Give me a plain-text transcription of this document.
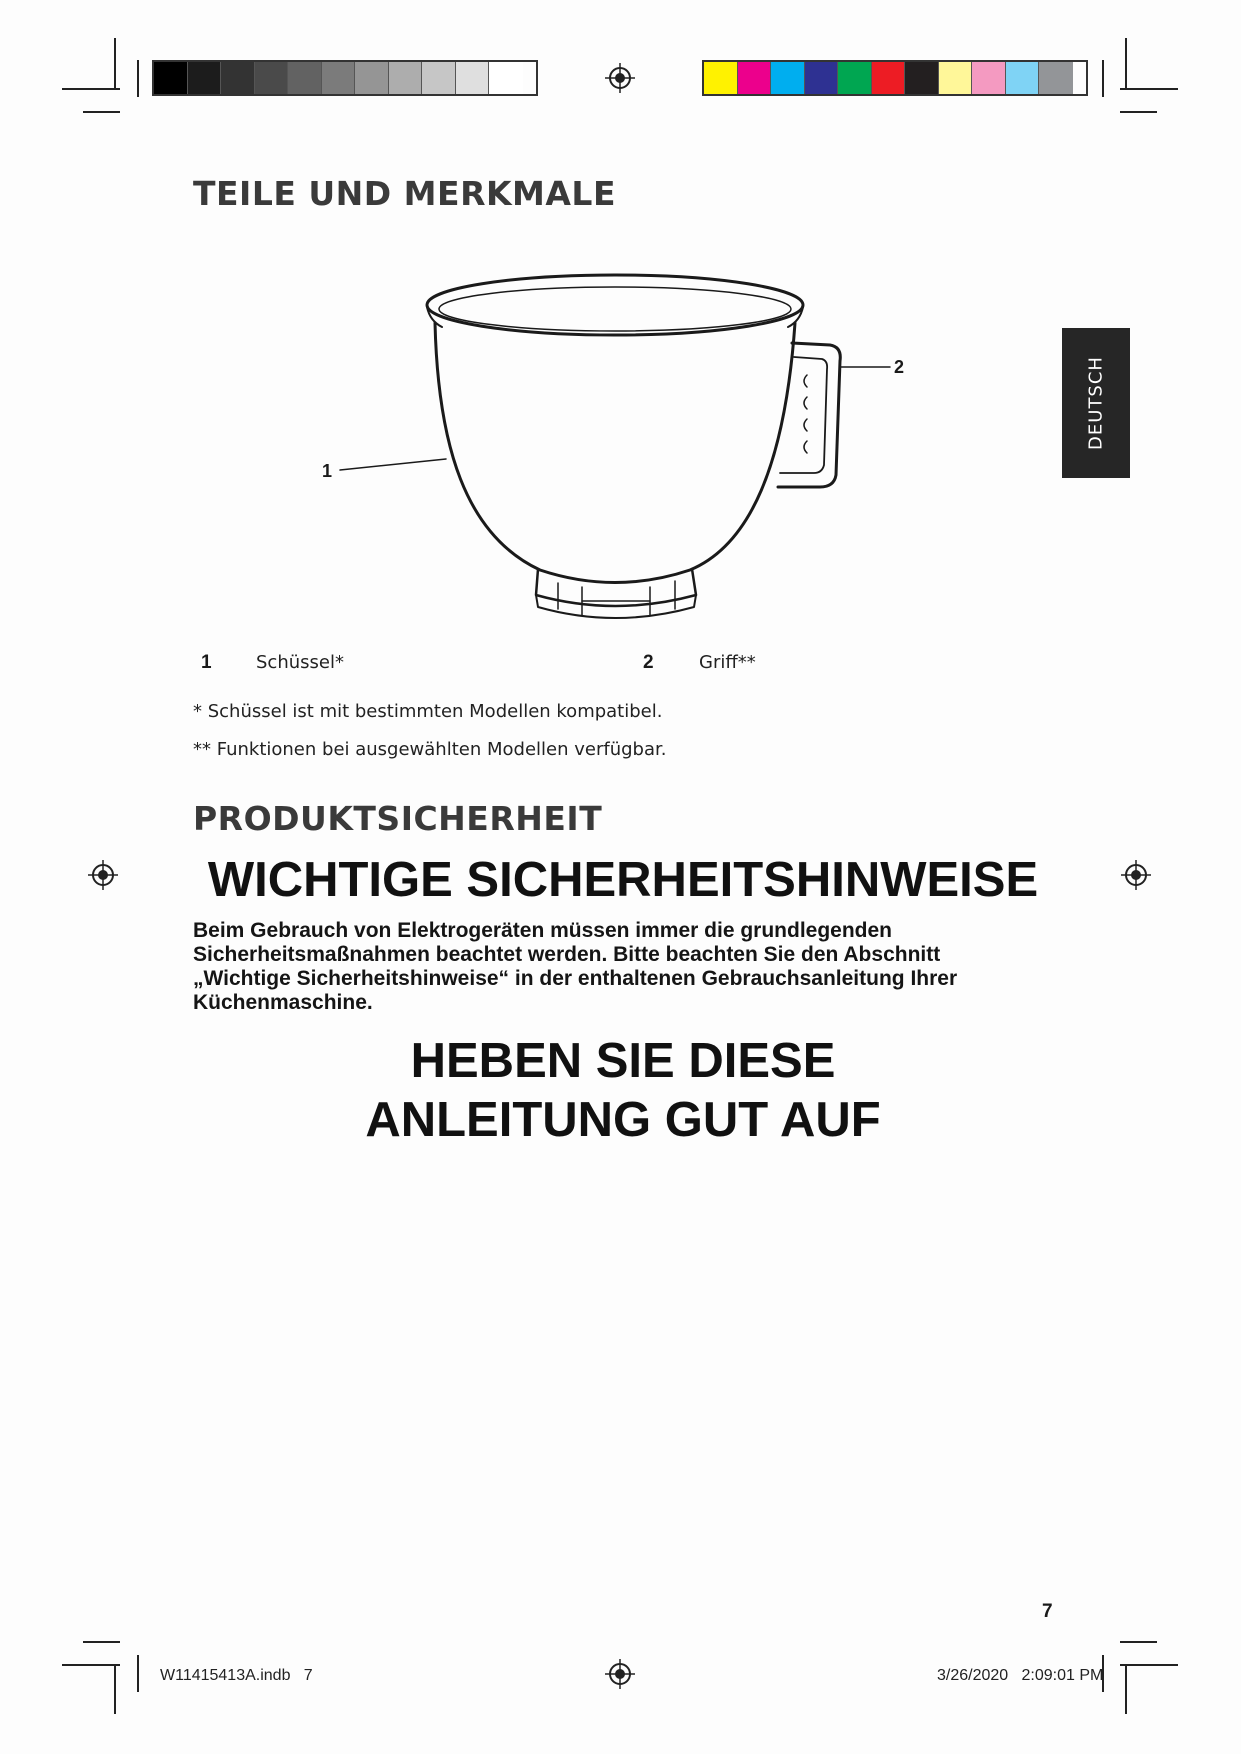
TEILE UND MERKMALE
1
2
1 Schüssel*	2	Griff**

* Schüssel ist mit bestimmten Modellen kompatibel.

** Funktionen bei ausgewählten Modellen verfügbar.

DEUTSCH
PRODUKTSICHERHEIT
WICHTIGE SICHERHEITSHINWEISE

Beim Gebrauch von Elektrogeräten müssen immer die grundlegenden Sicherheitsmaßnahmen beachtet werden. Bitte beachten Sie den Abschnitt „Wichtige Sicherheitshinweise“ in der enthaltenen Gebrauchsanleitung Ihrer Küchenmaschine.

HEBEN SIE DIESE
ANLEITUNG GUT AUF
7
W11415413A.indb   7	3/26/2020   2:09:01 PM
